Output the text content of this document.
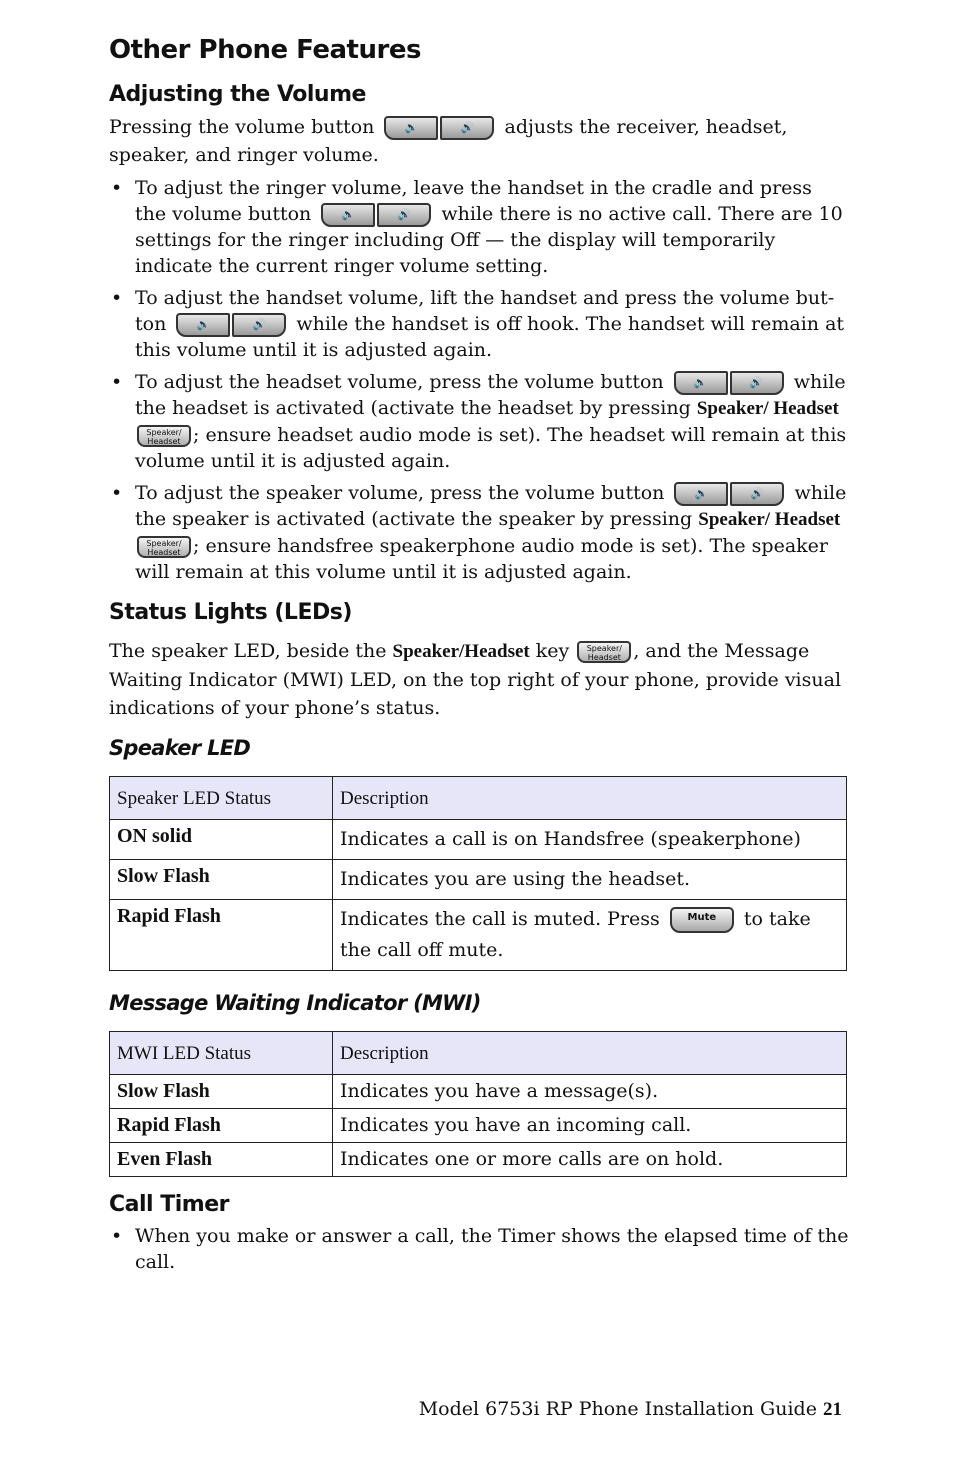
Other Phone Features
Adjusting the Volume

Pressing the volume button	🔈	🔊	adjusts the receiver, headset, speaker, and ringer volume.

• To adjust the ringer volume, leave the handset in the cradle and press the volume button	🔈	🔊	while there is no active call. There are 10 settings for the ringer including Off — the display will temporarily indicate the current ringer volume setting.
• To adjust the handset volume, lift the handset and press the volume but-ton	🔈	🔊	while the handset is off hook. The handset will remain at this volume until it is adjusted again.
• To adjust the headset volume, press the volume button	🔈	🔊	while the headset is activated (activate the headset by pressing Speaker/ Headset Speaker/
Headset ; ensure headset audio mode is set). The headset will remain at this volume until it is adjusted again.
• To adjust the speaker volume, press the volume button	🔈	🔊	while the speaker is activated (activate the speaker by pressing Speaker/ Headset Speaker/
Headset ; ensure handsfree speakerphone audio mode is set). The speaker will remain at this volume until it is adjusted again.
Status Lights (LEDs)

The speaker LED, beside the Speaker/Headset key Speaker/
Headset , and the Message Waiting Indicator (MWI) LED, on the top right of your phone, provide visual indications of your phone’s status.

Speaker LED
Speaker LED Status	Description
ON solid	Indicates a call is on Handsfree (speakerphone)
Slow Flash	Indicates you are using the headset.
Rapid Flash	Indicates the call is muted. Press Mute to take the call off mute.
Message Waiting Indicator (MWI)
MWI LED Status	Description
Slow Flash	Indicates you have a message(s).
Rapid Flash	Indicates you have an incoming call.
Even Flash	Indicates one or more calls are on hold.
Call Timer
• When you make or answer a call, the Timer shows the elapsed time of the call.
Model 6753i RP Phone Installation Guide 21
